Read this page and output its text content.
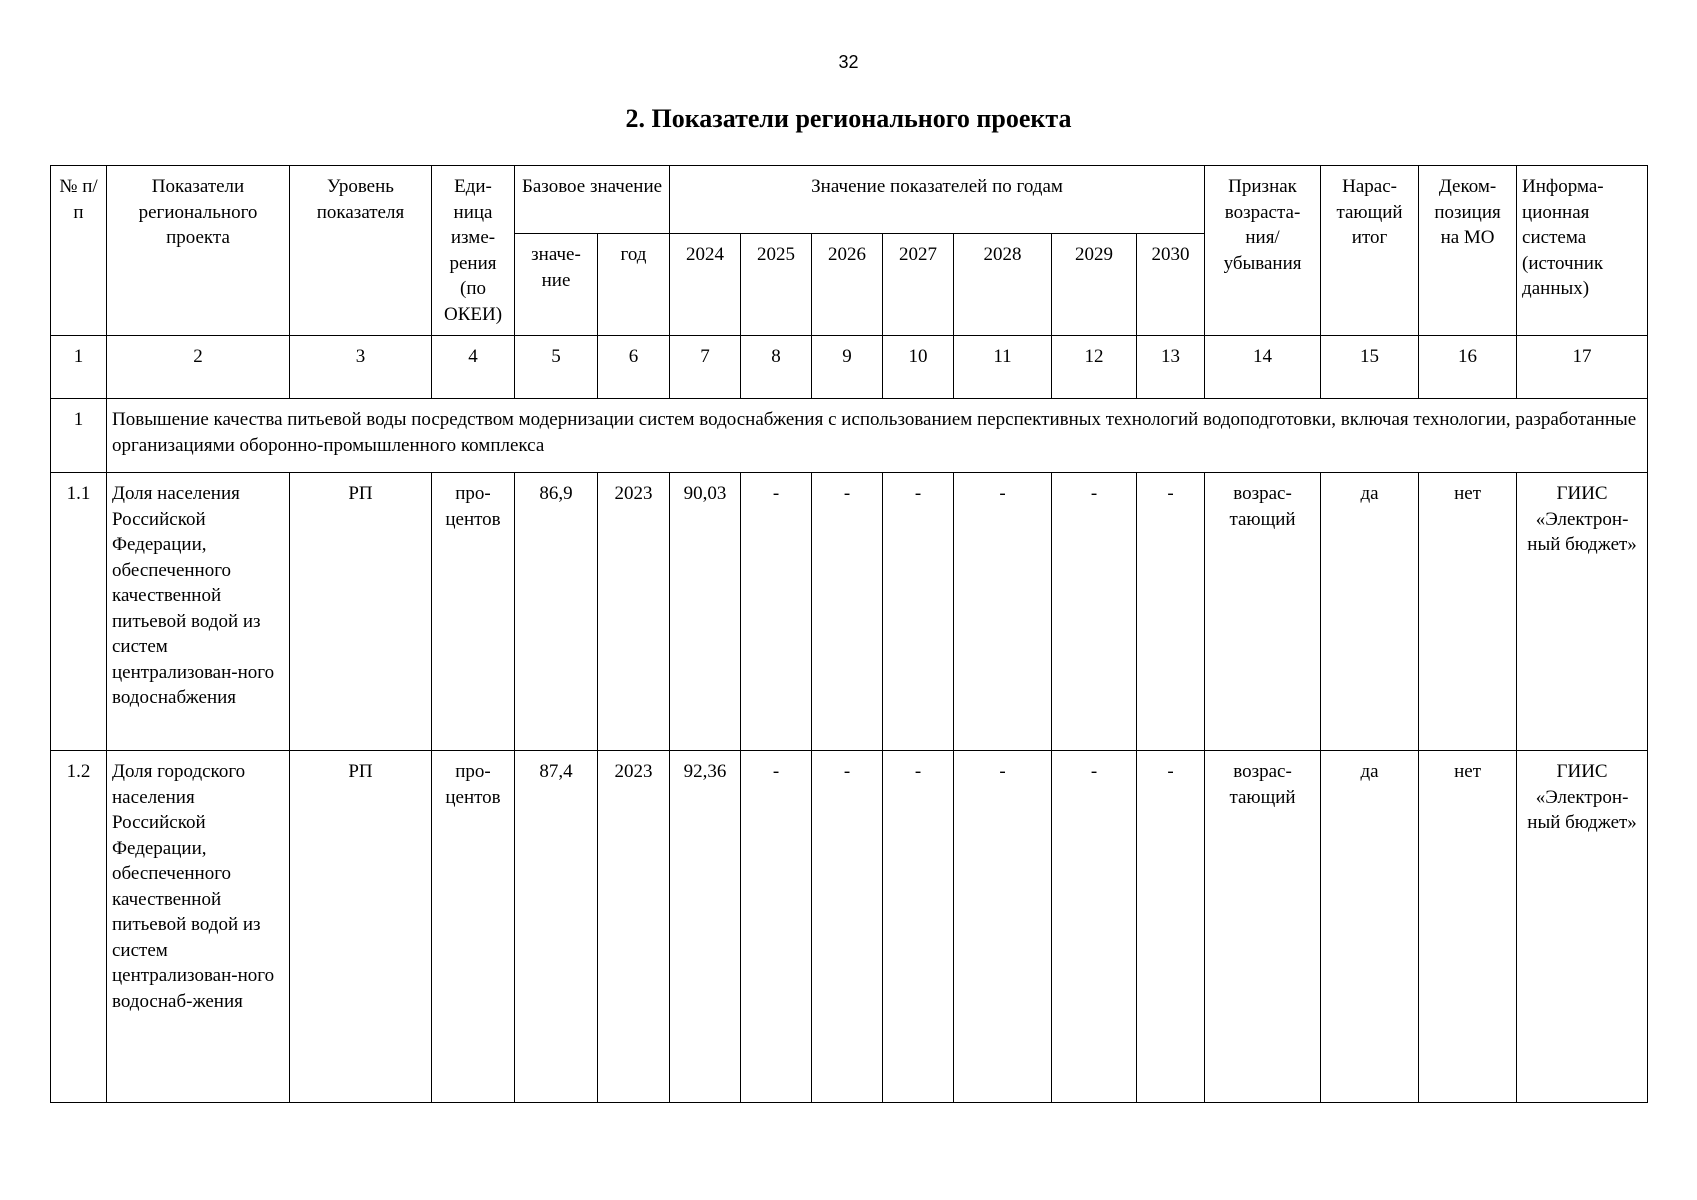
32
2. Показатели регионального проекта
№ п/п	Показатели регионального проекта	Уровень показателя	Еди-ница изме-рения (по ОКЕИ)	Базовое значение		Значение показателей по годам							Признак возраста-ния/ убывания	Нарас-тающий итог	Деком-позиция на МО	Информа-ционная система (источник данных)
				значе-ние	год	2024	2025	2026	2027	2028	2029	2030				
1	2	3	4	5	6	7	8	9	10	11	12	13	14	15	16	17
1	Повышение качества питьевой воды посредством модернизации систем водоснабжения с использованием перспективных технологий водоподготовки, включая технологии, разработанные организациями оборонно-промышленного комплекса															
1.1	Доля населения Российской Федерации, обеспеченного качественной питьевой водой из систем централизован-ного водоснабжения	РП	про-центов	86,9	2023	90,03	-	-	-	-	-	-	возрас-тающий	да	нет	ГИИС «Электрон-ный бюджет»
1.2	Доля городского населения Российской Федерации, обеспеченного качественной питьевой водой из систем централизован-ного водоснаб-жения	РП	про-центов	87,4	2023	92,36	-	-	-	-	-	-	возрас-тающий	да	нет	ГИИС «Электрон-ный бюджет»
